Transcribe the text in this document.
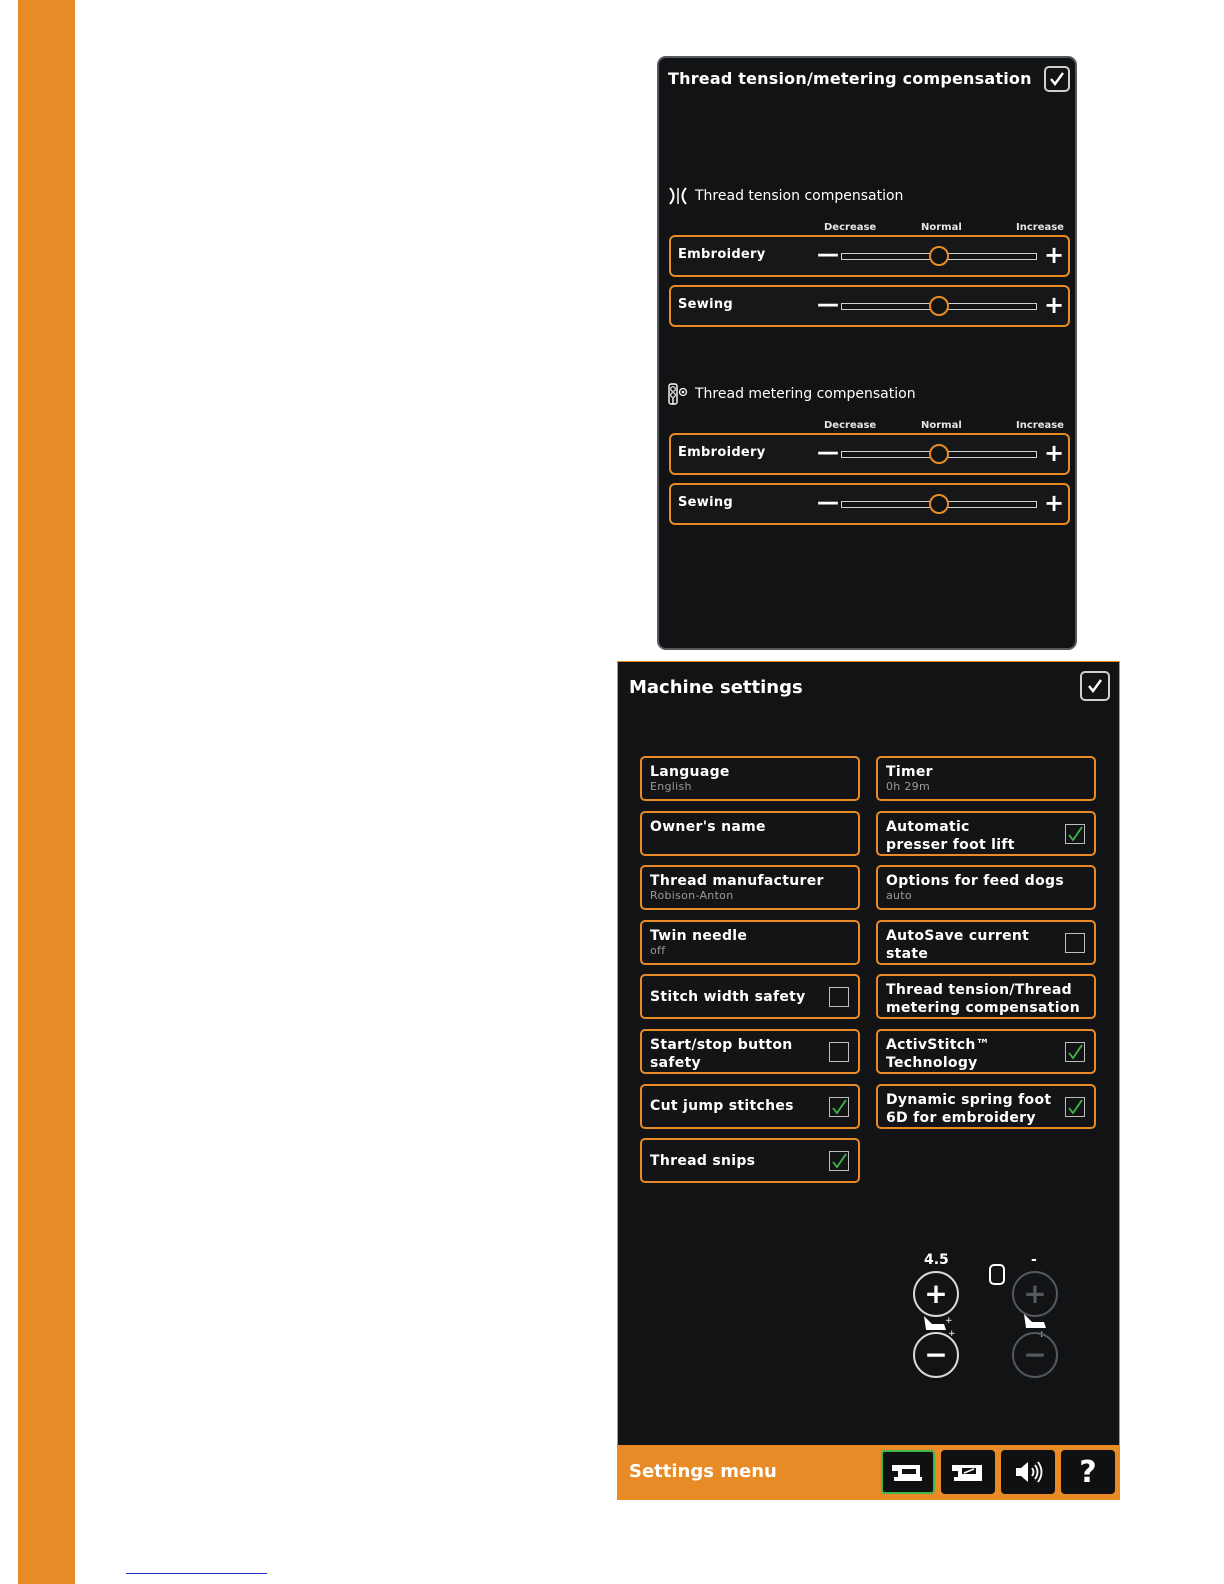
Thread tension/metering compensation
Thread tension compensation
Decrease	Normal	Increase
Embroidery —	+
Sewing	—	+
Thread metering compensation
Decrease	Normal	Increase
Embroidery —	+
Sewing	—	+
Machine settings
Language
English
Owner's name
Thread manufacturer
Robison-Anton
Twin needle
off
Stitch width safety
Start/stop button
safety
Cut jump stitches
Thread snips
Timer
0h 29m
Automatic
presser foot lift
Options for feed dogs
auto
AutoSave current
state
Thread tension/Thread
metering compensation
ActivStitch™
Technology
Dynamic spring foot
6D for embroidery
4.5
+
+
+
−
-
+
+
−
Settings menu	?
